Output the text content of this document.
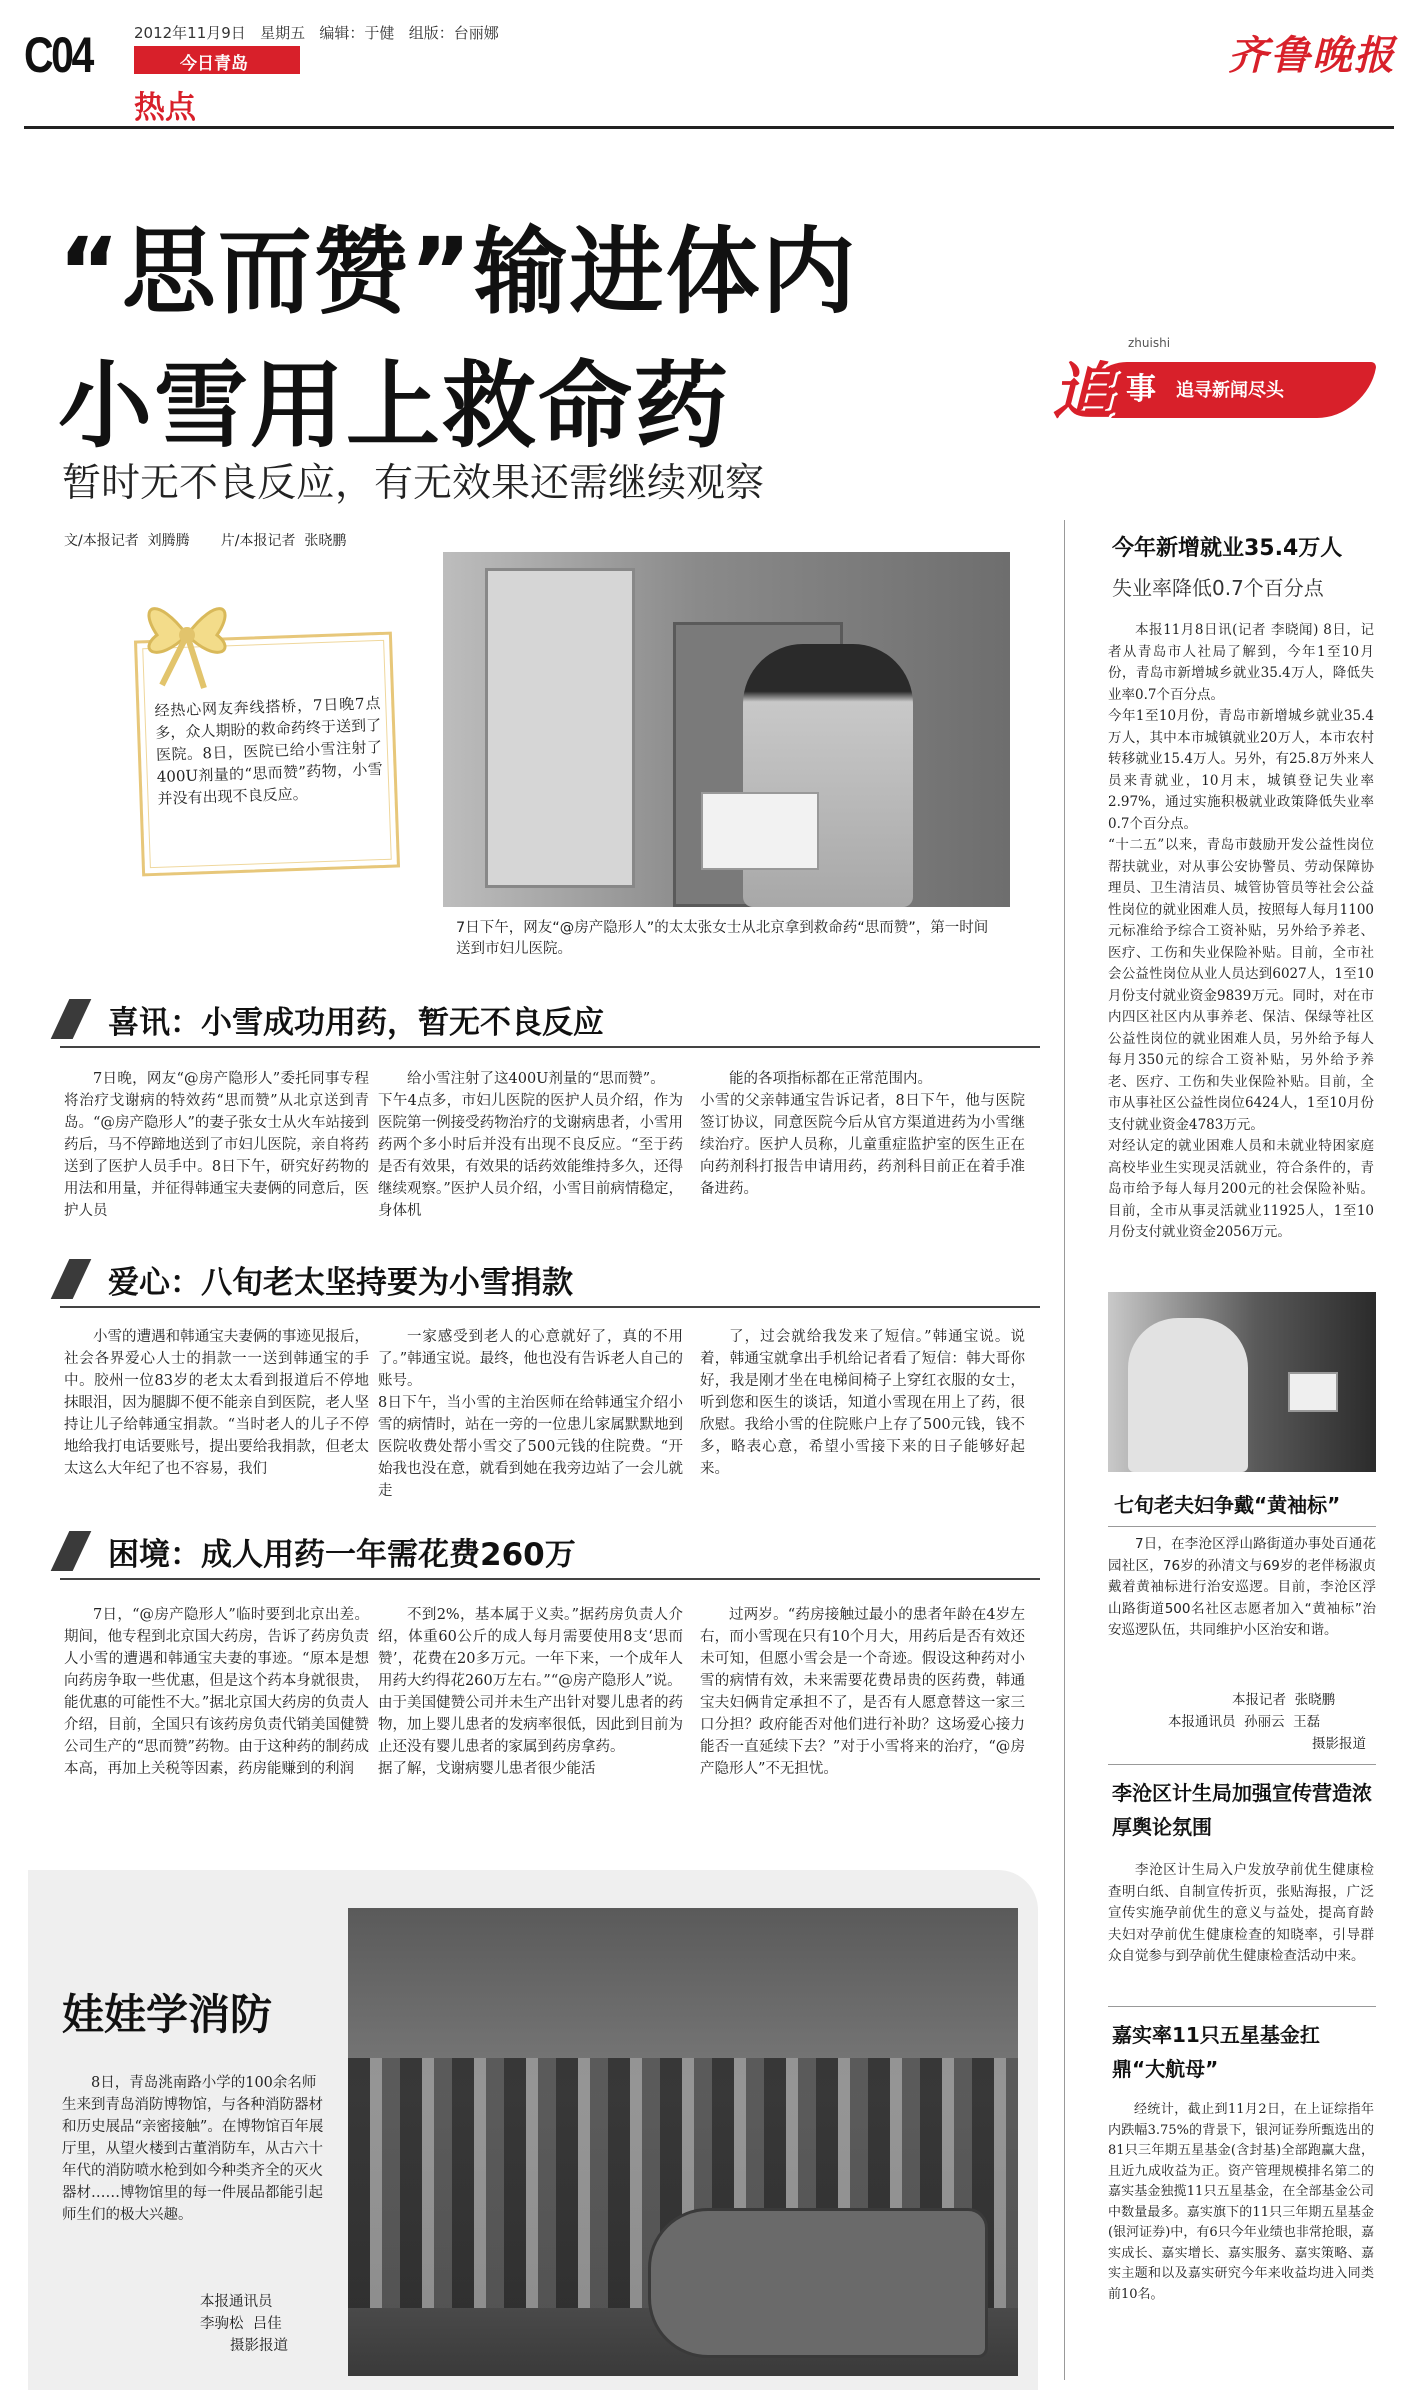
C04	2012年11月9日   星期五   编辑：于健   组版：台丽娜
今日青岛
热点
齐鲁晚报
“思而赞”输进体内
小雪用上救命药
暂时无不良反应，有无效果还需继续观察
zhuishi
追 事 追寻新闻尽头
文/本报记者  刘腾腾       片/本报记者  张晓鹏
经热心网友奔线搭桥，7日晚7点多，众人期盼的救命药终于送到了医院。8日，医院已给小雪注射了400U剂量的“思而赞”药物，小雪并没有出现不良反应。
7日下午，网友“@房产隐形人”的太太张女士从北京拿到救命药“思而赞”，第一时间送到市妇儿医院。
喜讯：小雪成功用药，暂无不良反应
7日晚，网友“@房产隐形人”委托同事专程将治疗戈谢病的特效药“思而赞”从北京送到青岛。“@房产隐形人”的妻子张女士从火车站接到药后，马不停蹄地送到了市妇儿医院，亲自将药送到了医护人员手中。8日下午，研究好药物的用法和用量，并征得韩通宝夫妻俩的同意后，医护人员
给小雪注射了这400U剂量的“思而赞”。
下午4点多，市妇儿医院的医护人员介绍，作为医院第一例接受药物治疗的戈谢病患者，小雪用药两个多小时后并没有出现不良反应。“至于药是否有效果，有效果的话药效能维持多久，还得继续观察。”医护人员介绍，小雪目前病情稳定，身体机
能的各项指标都在正常范围内。
小雪的父亲韩通宝告诉记者，8日下午，他与医院签订协议，同意医院今后从官方渠道进药为小雪继续治疗。医护人员称，儿童重症监护室的医生正在向药剂科打报告申请用药，药剂科目前正在着手准备进药。
爱心：八旬老太坚持要为小雪捐款
小雪的遭遇和韩通宝夫妻俩的事迹见报后，社会各界爱心人士的捐款一一送到韩通宝的手中。胶州一位83岁的老太太看到报道后不停地抹眼泪，因为腿脚不便不能亲自到医院，老人坚持让儿子给韩通宝捐款。“当时老人的儿子不停地给我打电话要账号，提出要给我捐款，但老太太这么大年纪了也不容易，我们
一家感受到老人的心意就好了，真的不用了。”韩通宝说。最终，他也没有告诉老人自己的账号。
8日下午，当小雪的主治医师在给韩通宝介绍小雪的病情时，站在一旁的一位患儿家属默默地到医院收费处帮小雪交了500元钱的住院费。“开始我也没在意，就看到她在我旁边站了一会儿就走
了，过会就给我发来了短信。”韩通宝说。说着，韩通宝就拿出手机给记者看了短信：韩大哥你好，我是刚才坐在电梯间椅子上穿红衣服的女士，听到您和医生的谈话，知道小雪现在用上了药，很欣慰。我给小雪的住院账户上存了500元钱，钱不多，略表心意，希望小雪接下来的日子能够好起来。
困境：成人用药一年需花费260万
7日，“@房产隐形人”临时要到北京出差。期间，他专程到北京国大药房，告诉了药房负责人小雪的遭遇和韩通宝夫妻的事迹。“原本是想向药房争取一些优惠，但是这个药本身就很贵，能优惠的可能性不大。”据北京国大药房的负责人介绍，目前，全国只有该药房负责代销美国健赞公司生产的“思而赞”药物。由于这种药的制药成本高，再加上关税等因素，药房能赚到的利润
不到2%，基本属于义卖。”据药房负责人介绍，体重60公斤的成人每月需要使用8支‘思而赞’，花费在20多万元。一年下来，一个成年人用药大约得花260万左右。”“@房产隐形人”说。
由于美国健赞公司并未生产出针对婴儿患者的药物，加上婴儿患者的发病率很低，因此到目前为止还没有婴儿患者的家属到药房拿药。
据了解，戈谢病婴儿患者很少能活
过两岁。“药房接触过最小的患者年龄在4岁左右，而小雪现在只有10个月大，用药后是否有效还未可知，但愿小雪会是一个奇迹。假设这种药对小雪的病情有效，未来需要花费昂贵的医药费，韩通宝夫妇俩肯定承担不了，是否有人愿意替这一家三口分担？政府能否对他们进行补助？这场爱心接力能否一直延续下去？”对于小雪将来的治疗，“@房产隐形人”不无担忧。
娃娃学消防
8日，青岛洮南路小学的100余名师生来到青岛消防博物馆，与各种消防器材和历史展品“亲密接触”。在博物馆百年展厅里，从望火楼到古董消防车，从古六十年代的消防喷水枪到如今种类齐全的灭火器材……博物馆里的每一件展品都能引起师生们的极大兴趣。
本报通讯员
李驹松  吕佳
摄影报道
今年新增就业35.4万人
失业率降低0.7个百分点
本报11月8日讯(记者 李晓闻) 8日，记者从青岛市人社局了解到，今年1至10月份，青岛市新增城乡就业35.4万人，降低失业率0.7个百分点。
今年1至10月份，青岛市新增城乡就业35.4万人，其中本市城镇就业20万人，本市农村转移就业15.4万人。另外，有25.8万外来人员来青就业，10月末，城镇登记失业率2.97%，通过实施积极就业政策降低失业率0.7个百分点。
“十二五”以来，青岛市鼓励开发公益性岗位帮扶就业，对从事公安协警员、劳动保障协理员、卫生清洁员、城管协管员等社会公益性岗位的就业困难人员，按照每人每月1100元标准给予综合工资补贴，另外给予养老、医疗、工伤和失业保险补贴。目前，全市社会公益性岗位从业人员达到6027人，1至10月份支付就业资金9839万元。同时，对在市内四区社区内从事养老、保洁、保绿等社区公益性岗位的就业困难人员，另外给予每人每月350元的综合工资补贴，另外给予养老、医疗、工伤和失业保险补贴。目前，全市从事社区公益性岗位6424人，1至10月份支付就业资金4783万元。
对经认定的就业困难人员和未就业特困家庭高校毕业生实现灵活就业，符合条件的，青岛市给予每人每月200元的社会保险补贴。目前，全市从事灵活就业11925人，1至10月份支付就业资金2056万元。
七旬老夫妇争戴“黄袖标”
7日，在李沧区浮山路街道办事处百通花园社区，76岁的孙清文与69岁的老伴杨淑贞戴着黄袖标进行治安巡逻。目前，李沧区浮山路街道500名社区志愿者加入“黄袖标”治安巡逻队伍，共同维护小区治安和谐。
本报记者  张晓鹏
本报通讯员  孙丽云  王磊
摄影报道
李沧区计生局加强宣传营造浓厚舆论氛围
李沧区计生局入户发放孕前优生健康检查明白纸、自制宣传折页，张贴海报，广泛宣传实施孕前优生的意义与益处，提高育龄夫妇对孕前优生健康检查的知晓率，引导群众自觉参与到孕前优生健康检查活动中来。
嘉实率11只五星基金扛鼎“大航母”
经统计，截止到11月2日，在上证综指年内跌幅3.75%的背景下，银河证券所甄选出的81只三年期五星基金(含封基)全部跑赢大盘，且近九成收益为正。资产管理规模排名第二的嘉实基金独揽11只五星基金，在全部基金公司中数量最多。嘉实旗下的11只三年期五星基金(银河证券)中，有6只今年业绩也非常抢眼，嘉实成长、嘉实增长、嘉实服务、嘉实策略、嘉实主题和以及嘉实研究今年来收益均进入同类前10名。
